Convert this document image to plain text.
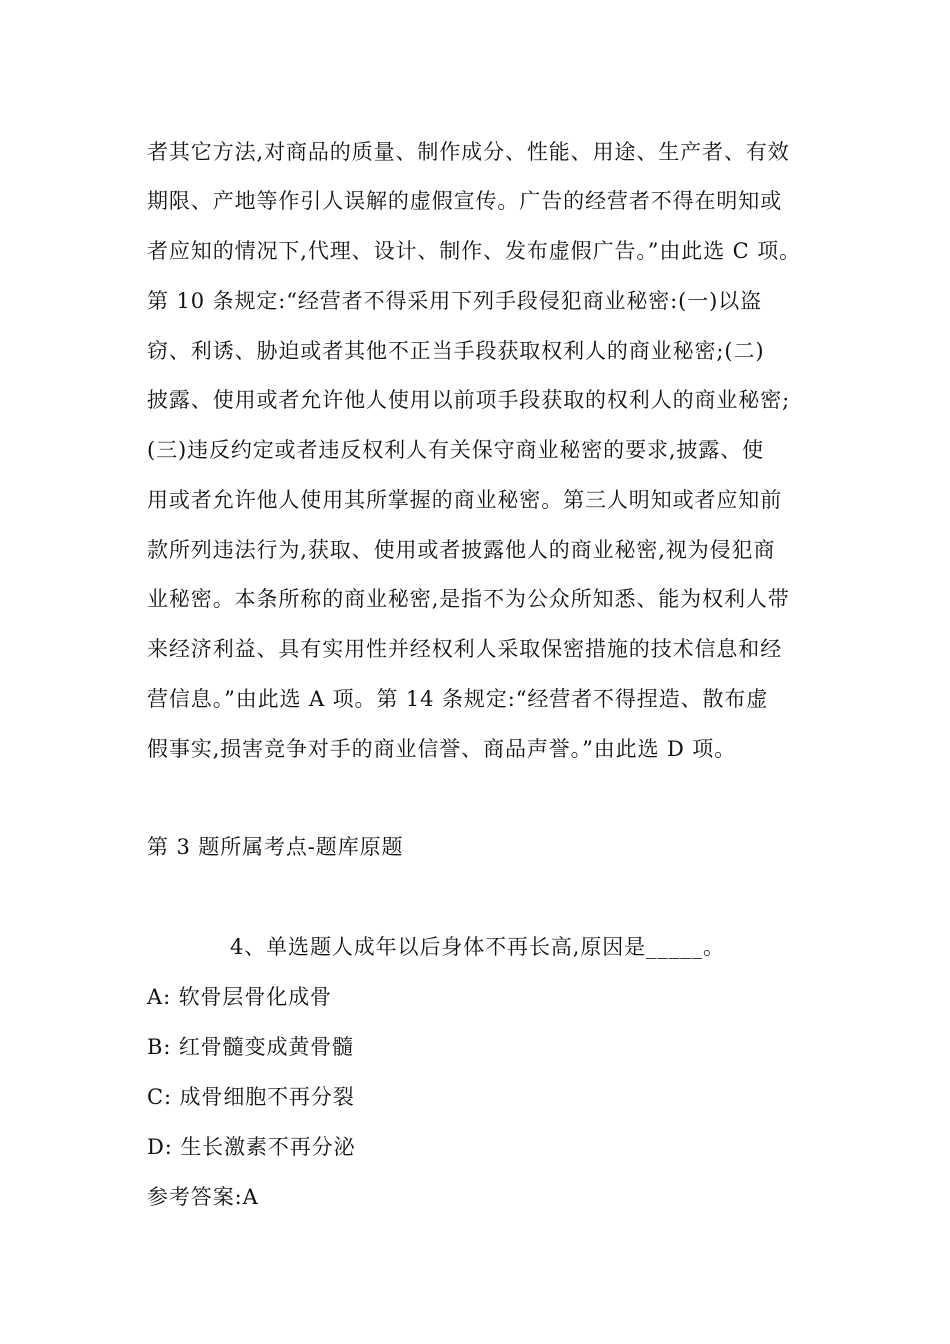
者其它方法,对商品的质量、制作成分、性能、用途、生产者、有效
期限、产地等作引人误解的虚假宣传。广告的经营者不得在明知或
者应知的情况下,代理、设计、制作、发布虚假广告。”由此选 C 项。
第 10 条规定:“经营者不得采用下列手段侵犯商业秘密:(一)以盗
窃、利诱、胁迫或者其他不正当手段获取权利人的商业秘密;(二)
披露、使用或者允许他人使用以前项手段获取的权利人的商业秘密;
(三)违反约定或者违反权利人有关保守商业秘密的要求,披露、使
用或者允许他人使用其所掌握的商业秘密。第三人明知或者应知前
款所列违法行为,获取、使用或者披露他人的商业秘密,视为侵犯商
业秘密。本条所称的商业秘密,是指不为公众所知悉、能为权利人带
来经济利益、具有实用性并经权利人采取保密措施的技术信息和经
营信息。”由此选 A 项。第 14 条规定:“经营者不得捏造、散布虚
假事实,损害竞争对手的商业信誉、商品声誉。”由此选 D 项。
第 3 题所属考点-题库原题
4、单选题人成年以后身体不再长高,原因是_____。
A: 软骨层骨化成骨
B: 红骨髓变成黄骨髓
C: 成骨细胞不再分裂
D: 生长激素不再分泌
参考答案:A
